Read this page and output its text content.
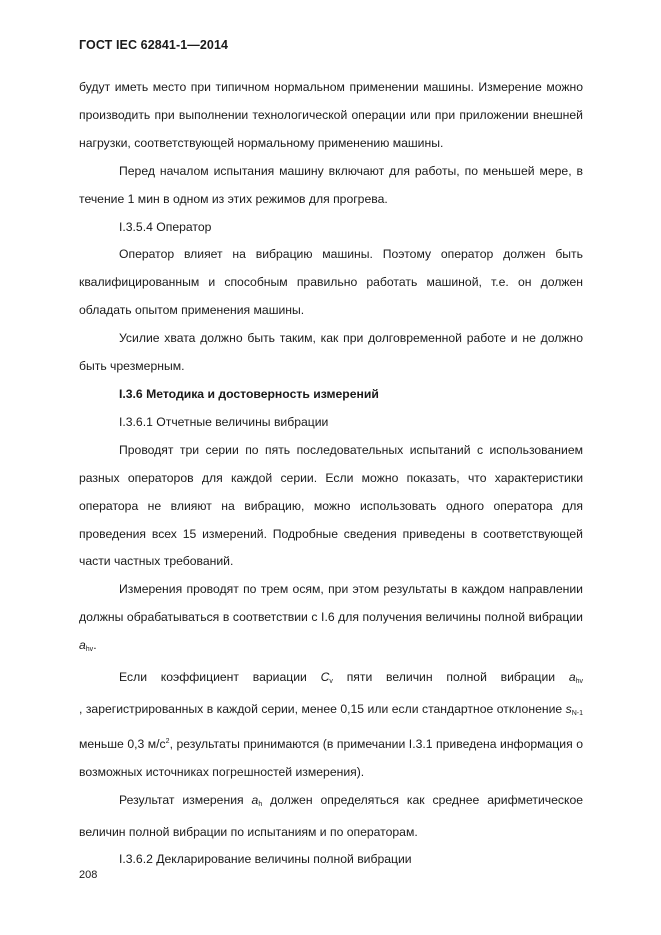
ГОСТ IEC 62841-1—2014

будут иметь место при типичном нормальном применении машины. Измерение можно производить при выполнении технологической операции или при приложении внешней нагрузки, соответствующей нормальному применению машины.

Перед началом испытания машину включают для работы, по меньшей мере, в течение 1 мин в одном из этих режимов для прогрева.

I.3.5.4 Оператор

Оператор влияет на вибрацию машины. Поэтому оператор должен быть квалифицированным и способным правильно работать машиной, т.е. он должен обладать опытом применения машины.

Усилие хвата должно быть таким, как при долговременной работе и не должно быть чрезмерным.

I.3.6 Методика и достоверность измерений

I.3.6.1 Отчетные величины вибрации

Проводят три серии по пять последовательных испытаний с использованием разных операторов для каждой серии. Если можно показать, что характеристики оператора не влияют на вибрацию, можно использовать одного оператора для проведения всех 15 измерений. Подробные сведения приведены в соответствующей части частных требований.

Измерения проводят по трем осям, при этом результаты в каждом направлении должны обрабатываться в соответствии с I.6 для получения величины полной вибрации $a_{hv}$.

Если коэффициент вариации $C_v$ пяти величин полной вибрации $a_{hv}$
, зарегистрированных в каждой серии, менее 0,15 или если стандартное отклонение $s_{N-1}$ меньше 0,3 $м/с^2$, результаты принимаются (в примечании I.3.1 приведена информация о возможных источниках погрешностей измерения).

Результат измерения $a_h$ должен определяться как среднее арифметическое величин полной вибрации по испытаниям и по операторам.

I.3.6.2 Декларирование величины полной вибрации

208
